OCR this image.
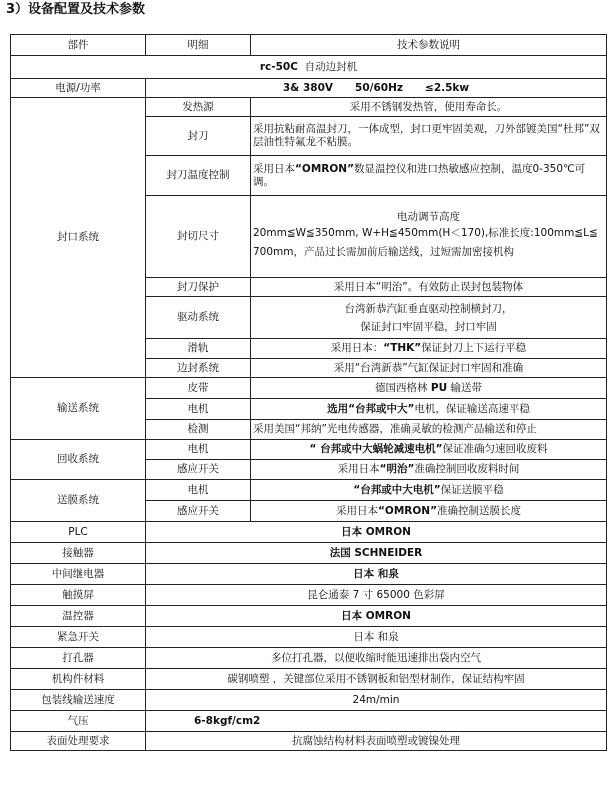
3）设备配置及技术参数
部件	明细	技术参数说明
rc-50C 自动边封机		
电源/功率	3& 380V 50/60Hz ≤2.5kw	
封口系统	发热源	采用不锈钢发热管，使用寿命长。
	封刀	采用抗粘耐高温封刀，一体成型，封口更牢固美观，刀外部镀美国“杜邦”双层油性特氟龙不粘膜。
	封刀温度控制	采用日本“OMRON”数显温控仪和进口热敏感应控制，温度0-350℃可调。
	封切尺寸	电动调节高度
20mm≦W≦350mm, W+H≦450mm(H＜170),标准长度:100mm≦L≦700mm，产品过长需加前后输送线，过短需加密接机构

	封刀保护	采用日本“明治”。有效防止误封包装物体
	驱动系统	台湾新恭汽缸垂直驱动控制横封刀，
保证封口牢固平稳，封口牢固

	滑轨	采用日本：“THK”保证封刀上下运行平稳
	边封系统	采用“台湾新恭”气缸保证封口牢固和准确
输送系统	皮带	德国西格林 PU 输送带
	电机	选用“台邦或中大”电机，保证输送高速平稳
	检测	采用美国“邦纳”光电传感器，准确灵敏的检测产品输送和停止
回收系统	电机	“ 台邦或中大蜗轮减速电机”保证准确匀速回收废料
	感应开关	采用日本“明治”准确控制回收废料时间
送膜系统	电机	“台邦或中大电机”保证送膜平稳
	感应开关	采用日本“OMRON”准确控制送膜长度
PLC	日本 OMRON	
接触器	法国 SCHNEIDER	
中间继电器	日本 和泉	
触摸屏	昆仑通泰 7 寸 65000 色彩屏	
温控器	日本 OMRON	
紧急开关	日本 和泉	
打孔器	多位打孔器，以便收缩时能迅速排出袋内空气	
机构件材料	碳钢喷塑 ，关键部位采用不锈钢板和铝型材制作，保证结构牢固	
包装线输送速度	24m/min	
气压	6-8kgf/cm2	
表面处理要求	抗腐蚀结构材料表面喷塑或镀镍处理	
